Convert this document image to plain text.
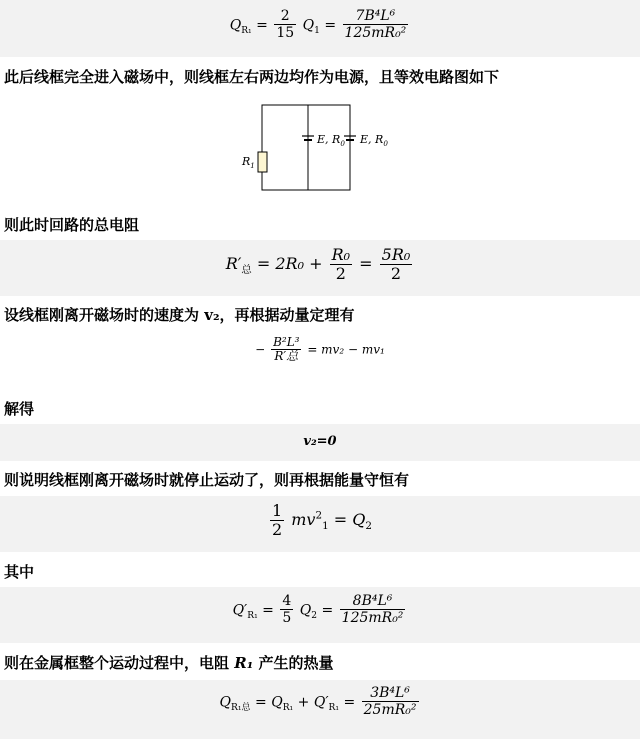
$Q_{R_1} = \frac{2}{15} Q_1 = \frac{\text{7B⁴L⁶}}{\text{125mR₀²}}$
此后线框完全进入磁场中，则线框左右两边均作为电源，且等效电路图如下
$R_1$
E, $R_0$ E, $R_0$
则此时回路的总电阻
$R'_总 = 2R_0 + \frac{\text{R₀}}{2} = \frac{\text{5R₀}}{2}$
设线框刚离开磁场时的速度为 v₂，再根据动量定理有
− $\frac{\text{B²L³}}{\text{R′总}} = mv_2 - mv_1$
解得
v₂=0
则说明线框刚离开磁场时就停止运动了，则再根据能量守恒有
$\frac{1}{2} mv^2_1 = Q_2$
其中
$Q'_{R_1} = \frac{4}{5} Q_2 = \frac{\text{8B⁴L⁶}}{\text{125mR₀²}}$
则在金属框整个运动过程中，电阻 R₁ 产生的热量
$Q_{R_1总} = Q_{R_1} + Q'_{R_1} = \frac{\text{3B⁴L⁶}}{\text{25mR₀²}}$
